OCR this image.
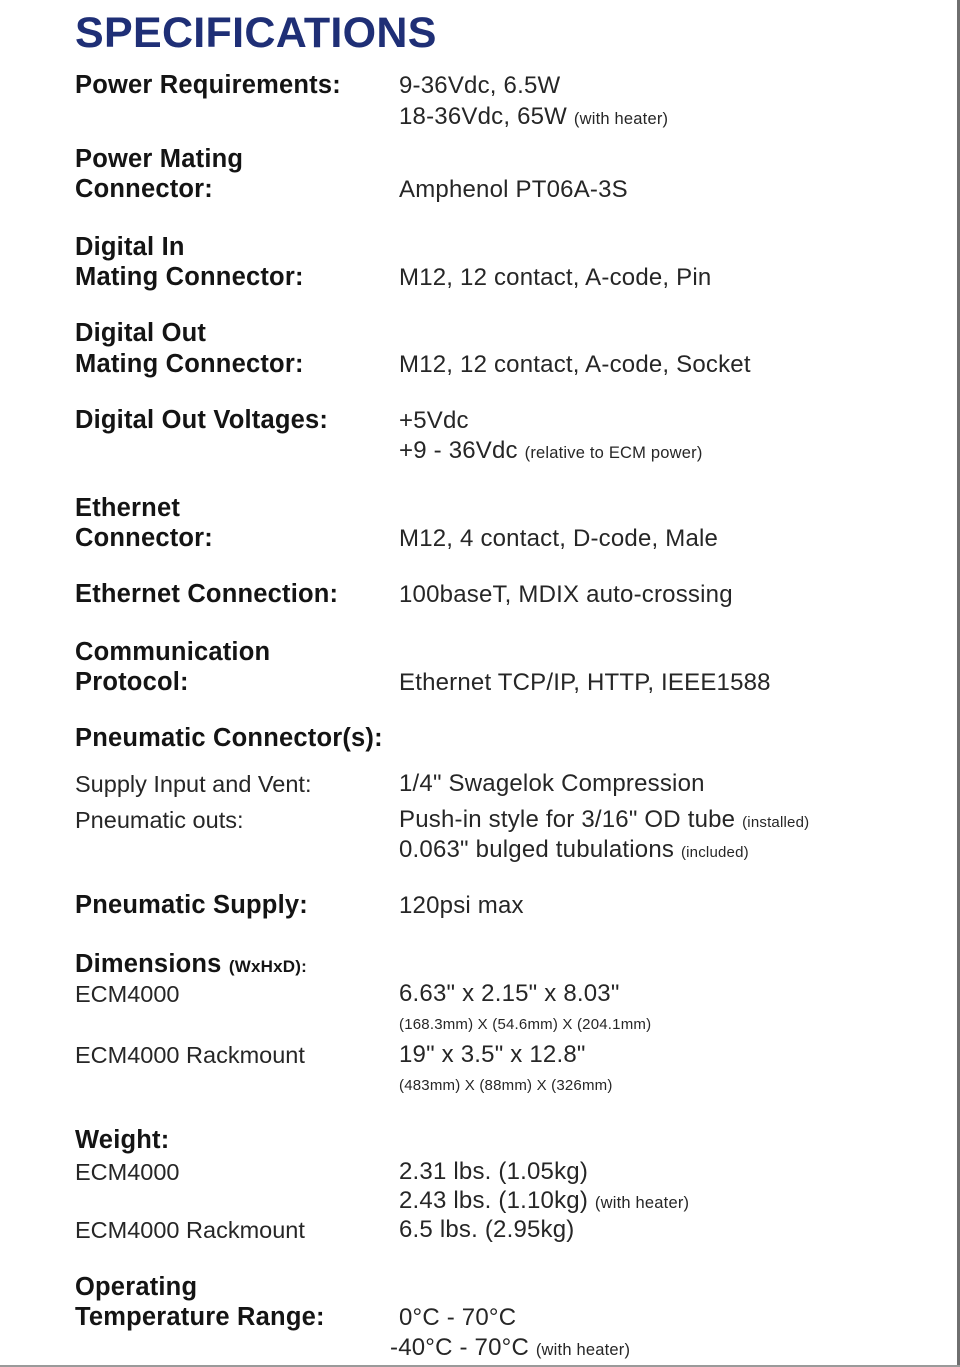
SPECIFICATIONS
Power Requirements: 9-36Vdc, 6.5W
18-36Vdc, 65W (with heater)
Power Mating
Connector:	Amphenol PT06A-3S
Digital In
Mating Connector:	M12, 12 contact, A-code, Pin
Digital Out
Mating Connector:	M12, 12 contact, A-code, Socket
Digital Out Voltages:	+5Vdc
+9 - 36Vdc (relative to ECM power)
Ethernet
Connector:	M12, 4 contact, D-code, Male
Ethernet Connection:	100baseT, MDIX auto-crossing
Communication
Protocol:	Ethernet TCP/IP, HTTP, IEEE1588
Pneumatic Connector(s):
Supply Input and Vent:	1/4" Swagelok Compression
Pneumatic outs:	Push-in style for 3/16" OD tube (installed)
0.063" bulged tubulations (included)
Pneumatic Supply:	120psi max
Dimensions (WxHxD):
ECM4000	6.63" x 2.15" x 8.03"
(168.3mm) X (54.6mm) X (204.1mm)
ECM4000 Rackmount	19" x 3.5" x 12.8"
(483mm) X (88mm) X (326mm)
Weight:
ECM4000	2.31 lbs. (1.05kg)
2.43 lbs. (1.10kg) (with heater)
ECM4000 Rackmount	6.5 lbs. (2.95kg)
Operating
Temperature Range:	0°C - 70°C
-40°C - 70°C (with heater)
